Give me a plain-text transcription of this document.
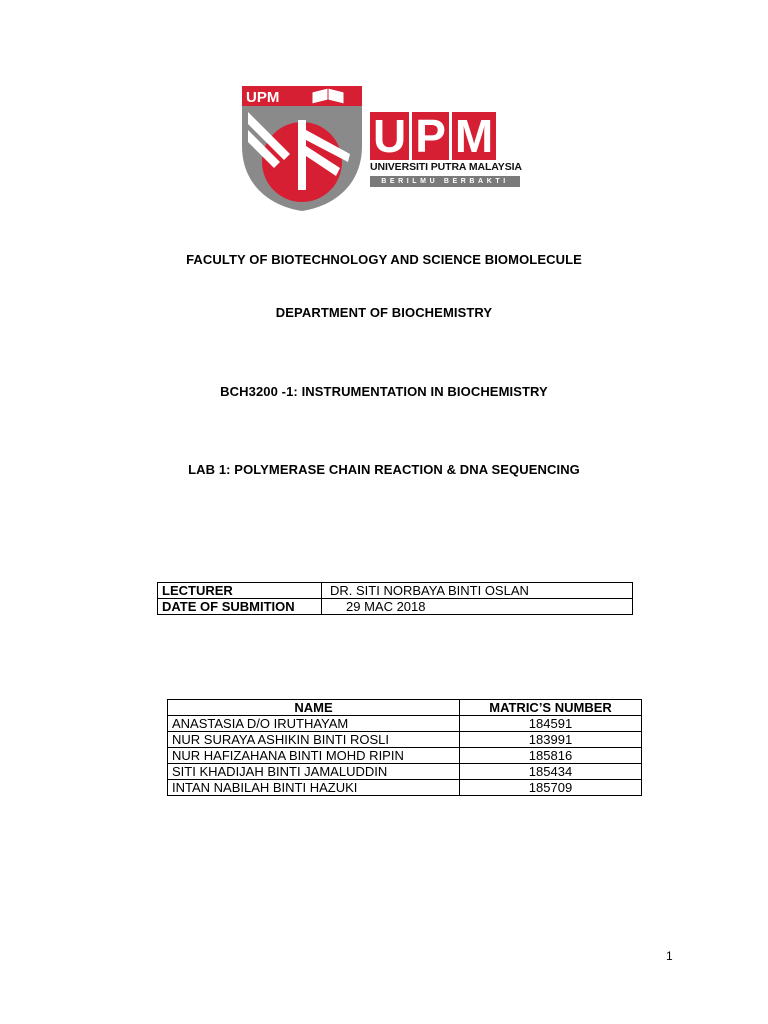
UPM
U P M
UNIVERSITI PUTRA MALAYSIA
BERILMU BERBAKTI
FACULTY OF BIOTECHNOLOGY AND SCIENCE BIOMOLECULE
DEPARTMENT OF BIOCHEMISTRY
BCH3200 -1: INSTRUMENTATION IN BIOCHEMISTRY
LAB 1: POLYMERASE CHAIN REACTION & DNA SEQUENCING
LECTURER	DR. SITI NORBAYA BINTI OSLAN
DATE OF SUBMITION	29 MAC 2018
NAME	MATRIC’S NUMBER
ANASTASIA D/O IRUTHAYAM	184591
NUR SURAYA ASHIKIN BINTI ROSLI	183991
NUR HAFIZAHANA BINTI MOHD RIPIN	185816
SITI KHADIJAH BINTI JAMALUDDIN	185434
INTAN NABILAH BINTI HAZUKI	185709
1
